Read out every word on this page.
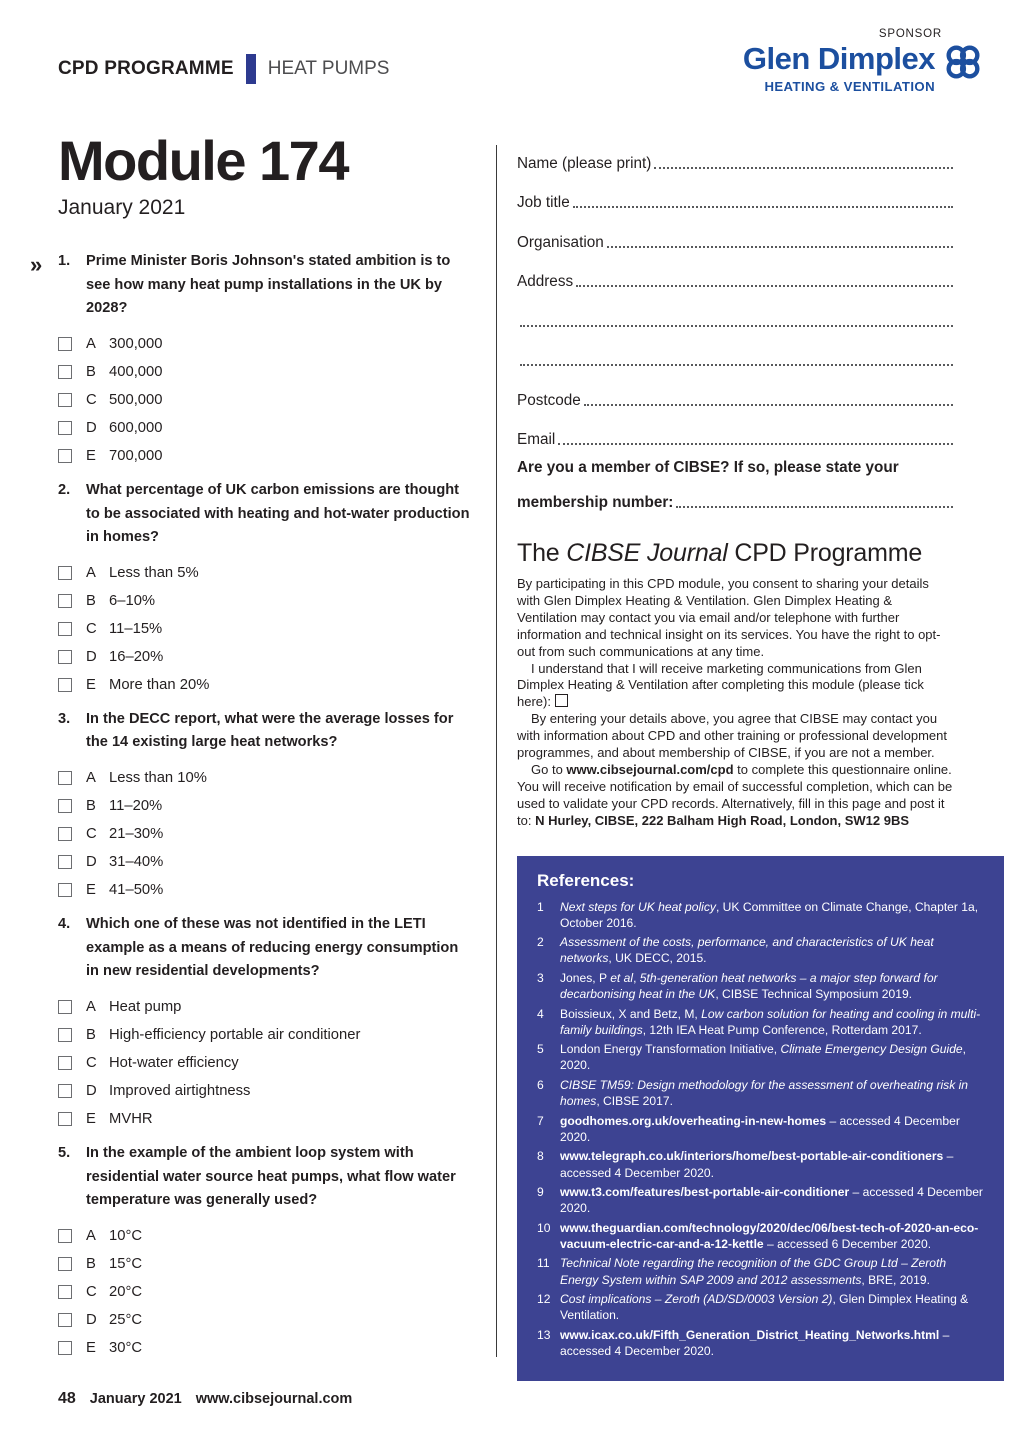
CPD PROGRAMME HEAT PUMPS
SPONSOR
Glen Dimplex
HEATING & VENTILATION
Module 174
January 2021
» 1.	Prime Minister Boris Johnson's stated ambition is to see how many heat pump installations in the UK by 2028?
A 300,000
B 400,000
C 500,000
D 600,000
E 700,000
2.	What percentage of UK carbon emissions are thought to be associated with heating and hot-water production in homes?
A Less than 5%
B 6–10%
C 11–15%
D 16–20%
E More than 20%
3.	In the DECC report, what were the average losses for the 14 existing large heat networks?
A Less than 10%
B 11–20%
C 21–30%
D 31–40%
E 41–50%
4.	Which one of these was not identified in the LETI example as a means of reducing energy consumption in new residential developments?
A Heat pump
B High-efficiency portable air conditioner
C Hot-water efficiency
D Improved airtightness
E MVHR
5.	In the example of the ambient loop system with residential water source heat pumps, what flow water temperature was generally used?
A 10°C
B 15°C
C 20°C
D 25°C
E 30°C
Name (please print)
Job title
Organisation
Address
Postcode
Email
Are you a member of CIBSE? If so, please state your
membership number:
The CIBSE Journal CPD Programme

By participating in this CPD module, you consent to sharing your details with Glen Dimplex Heating & Ventilation. Glen Dimplex Heating & Ventilation may contact you via email and/or telephone with further information and technical insight on its services. You have the right to opt-out from such communications at any time.

I understand that I will receive marketing communications from Glen Dimplex Heating & Ventilation after completing this module (please tick here):

By entering your details above, you agree that CIBSE may contact you with information about CPD and other training or professional development programmes, and about membership of CIBSE, if you are not a member.

Go to www.cibsejournal.com/cpd to complete this questionnaire online. You will receive notification by email of successful completion, which can be used to validate your CPD records. Alternatively, fill in this page and post it to: N Hurley, CIBSE, 222 Balham High Road, London, SW12 9BS

References:
1	Next steps for UK heat policy, UK Committee on Climate Change, Chapter 1a, October 2016.
2	Assessment of the costs, performance, and characteristics of UK heat networks, UK DECC, 2015.
3	Jones, P et al, 5th-generation heat networks – a major step forward for decarbonising heat in the UK, CIBSE Technical Symposium 2019.
4	Boissieux, X and Betz, M, Low carbon solution for heating and cooling in multi-family buildings, 12th IEA Heat Pump Conference, Rotterdam 2017.
5	London Energy Transformation Initiative, Climate Emergency Design Guide, 2020.
6	CIBSE TM59: Design methodology for the assessment of overheating risk in homes, CIBSE 2017.
7	goodhomes.org.uk/overheating-in-new-homes – accessed 4 December 2020.
8	www.telegraph.co.uk/interiors/home/best-portable-air-conditioners – accessed 4 December 2020.
9	www.t3.com/features/best-portable-air-conditioner – accessed 4 December 2020.
10 www.theguardian.com/technology/2020/dec/06/best-tech-of-2020-an-eco-vacuum-electric-car-and-a-12-kettle – accessed 6 December 2020.
11 Technical Note regarding the recognition of the GDC Group Ltd – Zeroth Energy System within SAP 2009 and 2012 assessments, BRE, 2019.
12 Cost implications – Zeroth (AD/SD/0003 Version 2), Glen Dimplex Heating & Ventilation.
13 www.icax.co.uk/Fifth_Generation_District_Heating_Networks.html – accessed 4 December 2020.
48 January 2021 www.cibsejournal.com
